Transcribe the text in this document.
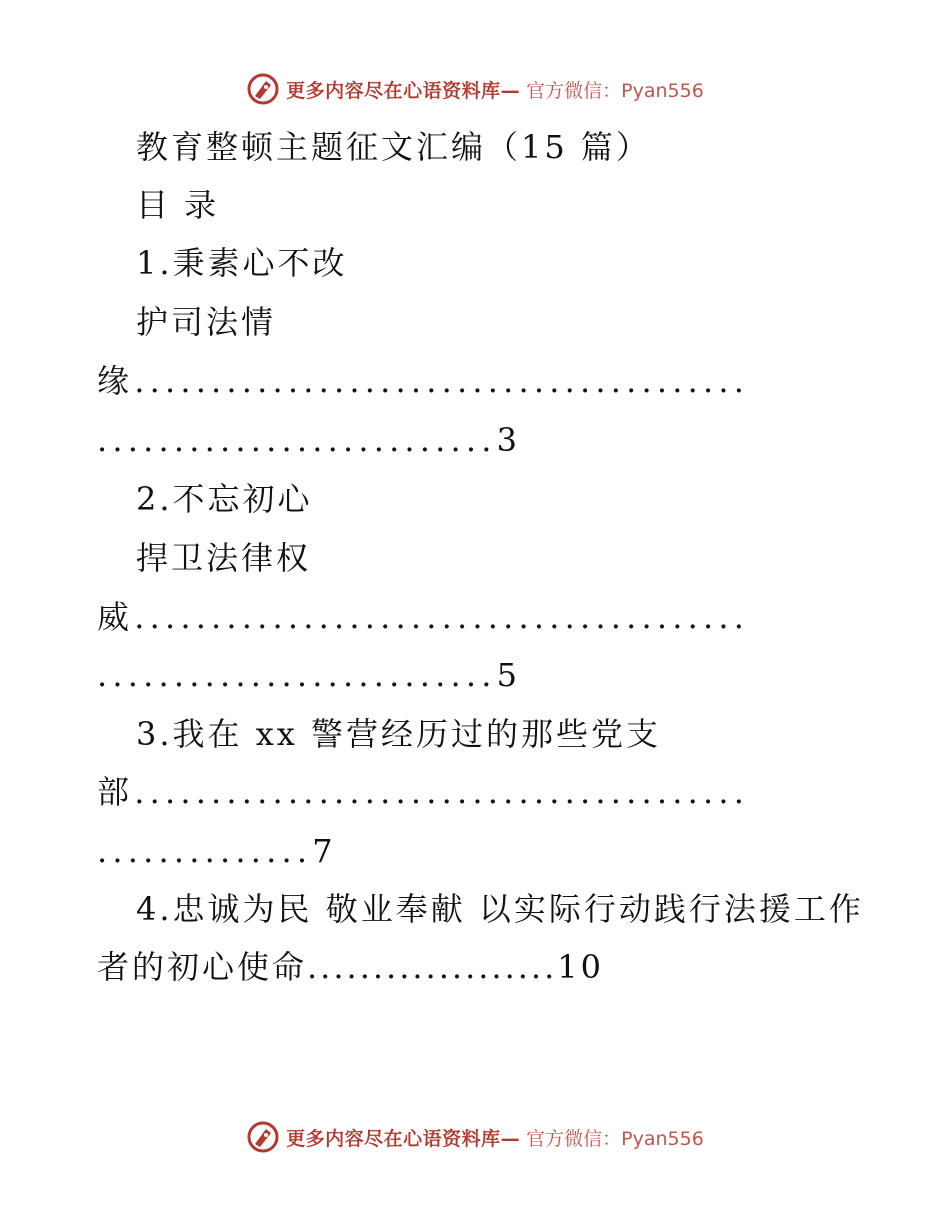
更多内容尽在心语资料库— 官方微信：Pyan556
教育整顿主题征文汇编（15 篇）
目 录
1.秉素心不改
护司法情
缘........................................
..........................3
2.不忘初心
捍卫法律权
威........................................
..........................5
3.我在 xx 警营经历过的那些党支
部........................................
..............7
4.忠诚为民 敬业奉献 以实际行动践行法援工作
者的初心使命...................10
更多内容尽在心语资料库— 官方微信：Pyan556
